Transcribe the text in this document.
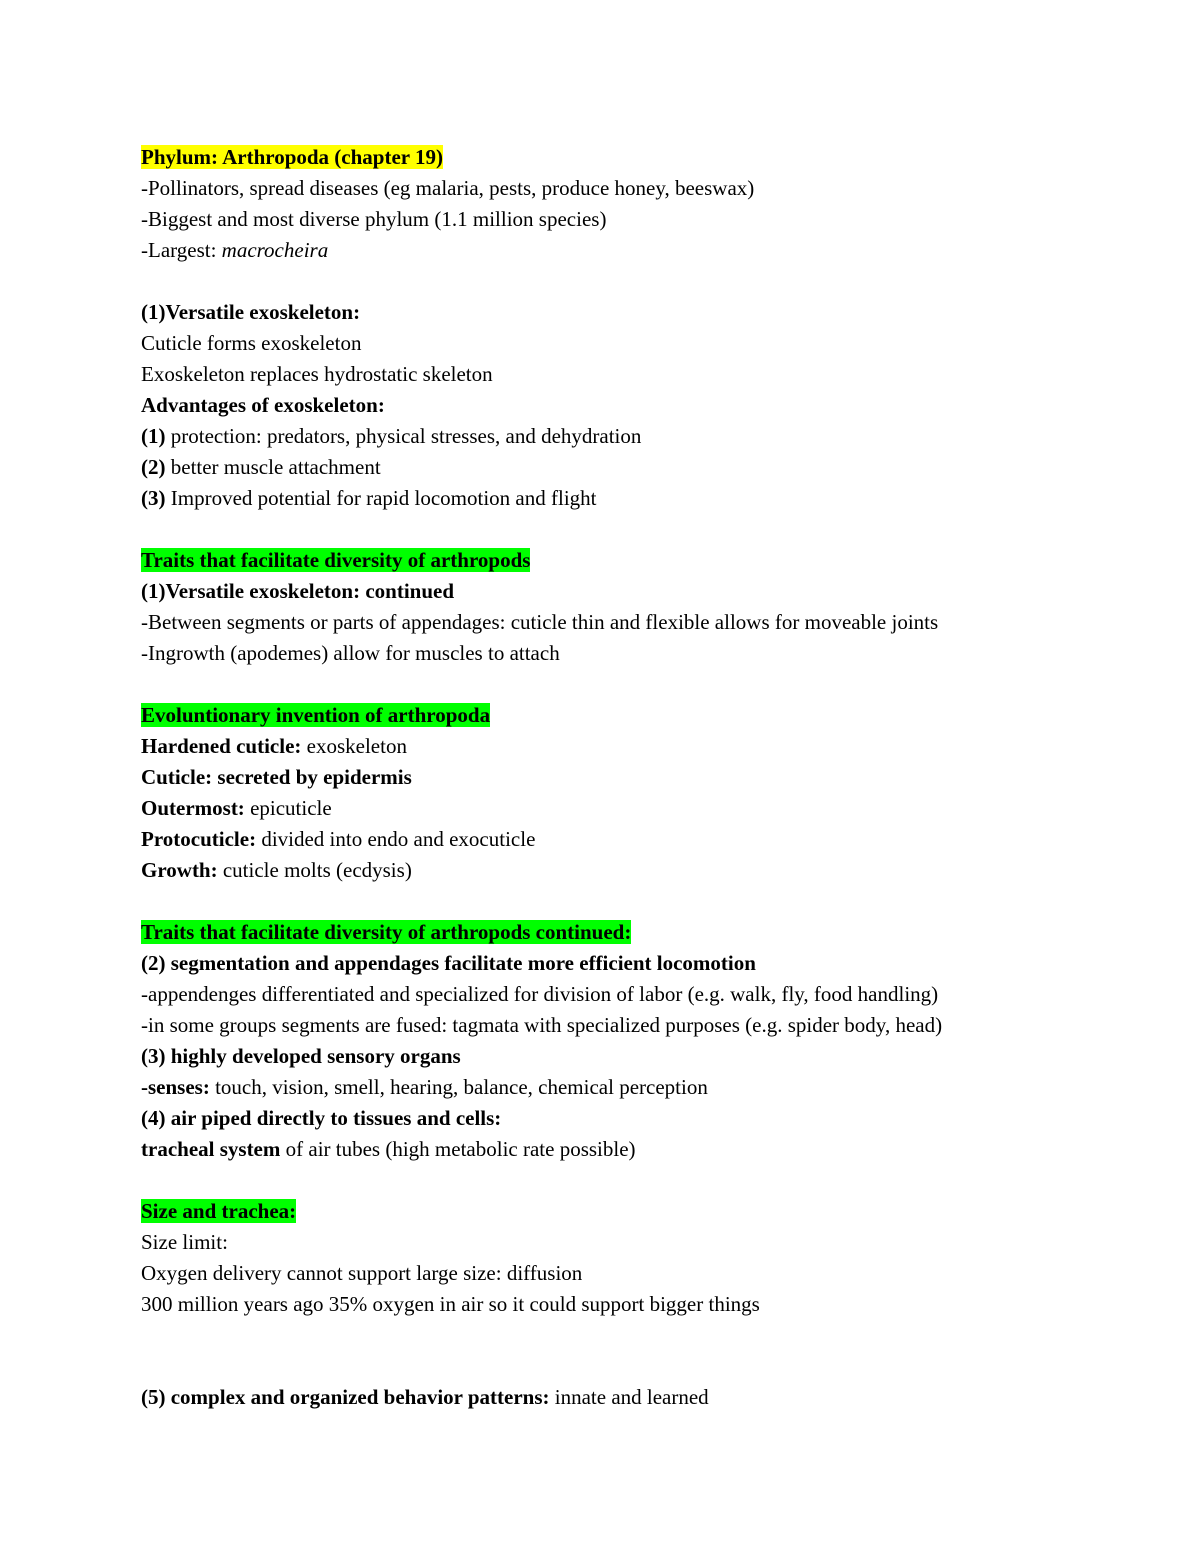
Phylum: Arthropoda (chapter 19)
-Pollinators, spread diseases (eg malaria, pests, produce honey, beeswax)
-Biggest and most diverse phylum (1.1 million species)
-Largest: macrocheira
(1)Versatile exoskeleton:
Cuticle forms exoskeleton
Exoskeleton replaces hydrostatic skeleton
Advantages of exoskeleton:
(1) protection: predators, physical stresses, and dehydration
(2) better muscle attachment
(3) Improved potential for rapid locomotion and flight
Traits that facilitate diversity of arthropods
(1)Versatile exoskeleton: continued
-Between segments or parts of appendages: cuticle thin and flexible allows for moveable joints
-Ingrowth (apodemes) allow for muscles to attach
Evoluntionary invention of arthropoda
Hardened cuticle: exoskeleton
Cuticle: secreted by epidermis
Outermost: epicuticle
Protocuticle: divided into endo and exocuticle
Growth: cuticle molts (ecdysis)
Traits that facilitate diversity of arthropods continued:
(2) segmentation and appendages facilitate more efficient locomotion
-appendenges differentiated and specialized for division of labor (e.g. walk, fly, food handling)
-in some groups segments are fused: tagmata with specialized purposes (e.g. spider body, head)
(3) highly developed sensory organs
-senses: touch, vision, smell, hearing, balance, chemical perception
(4) air piped directly to tissues and cells:
tracheal system of air tubes (high metabolic rate possible)
Size and trachea:
Size limit:
Oxygen delivery cannot support large size: diffusion
300 million years ago 35% oxygen in air so it could support bigger things
(5) complex and organized behavior patterns: innate and learned
